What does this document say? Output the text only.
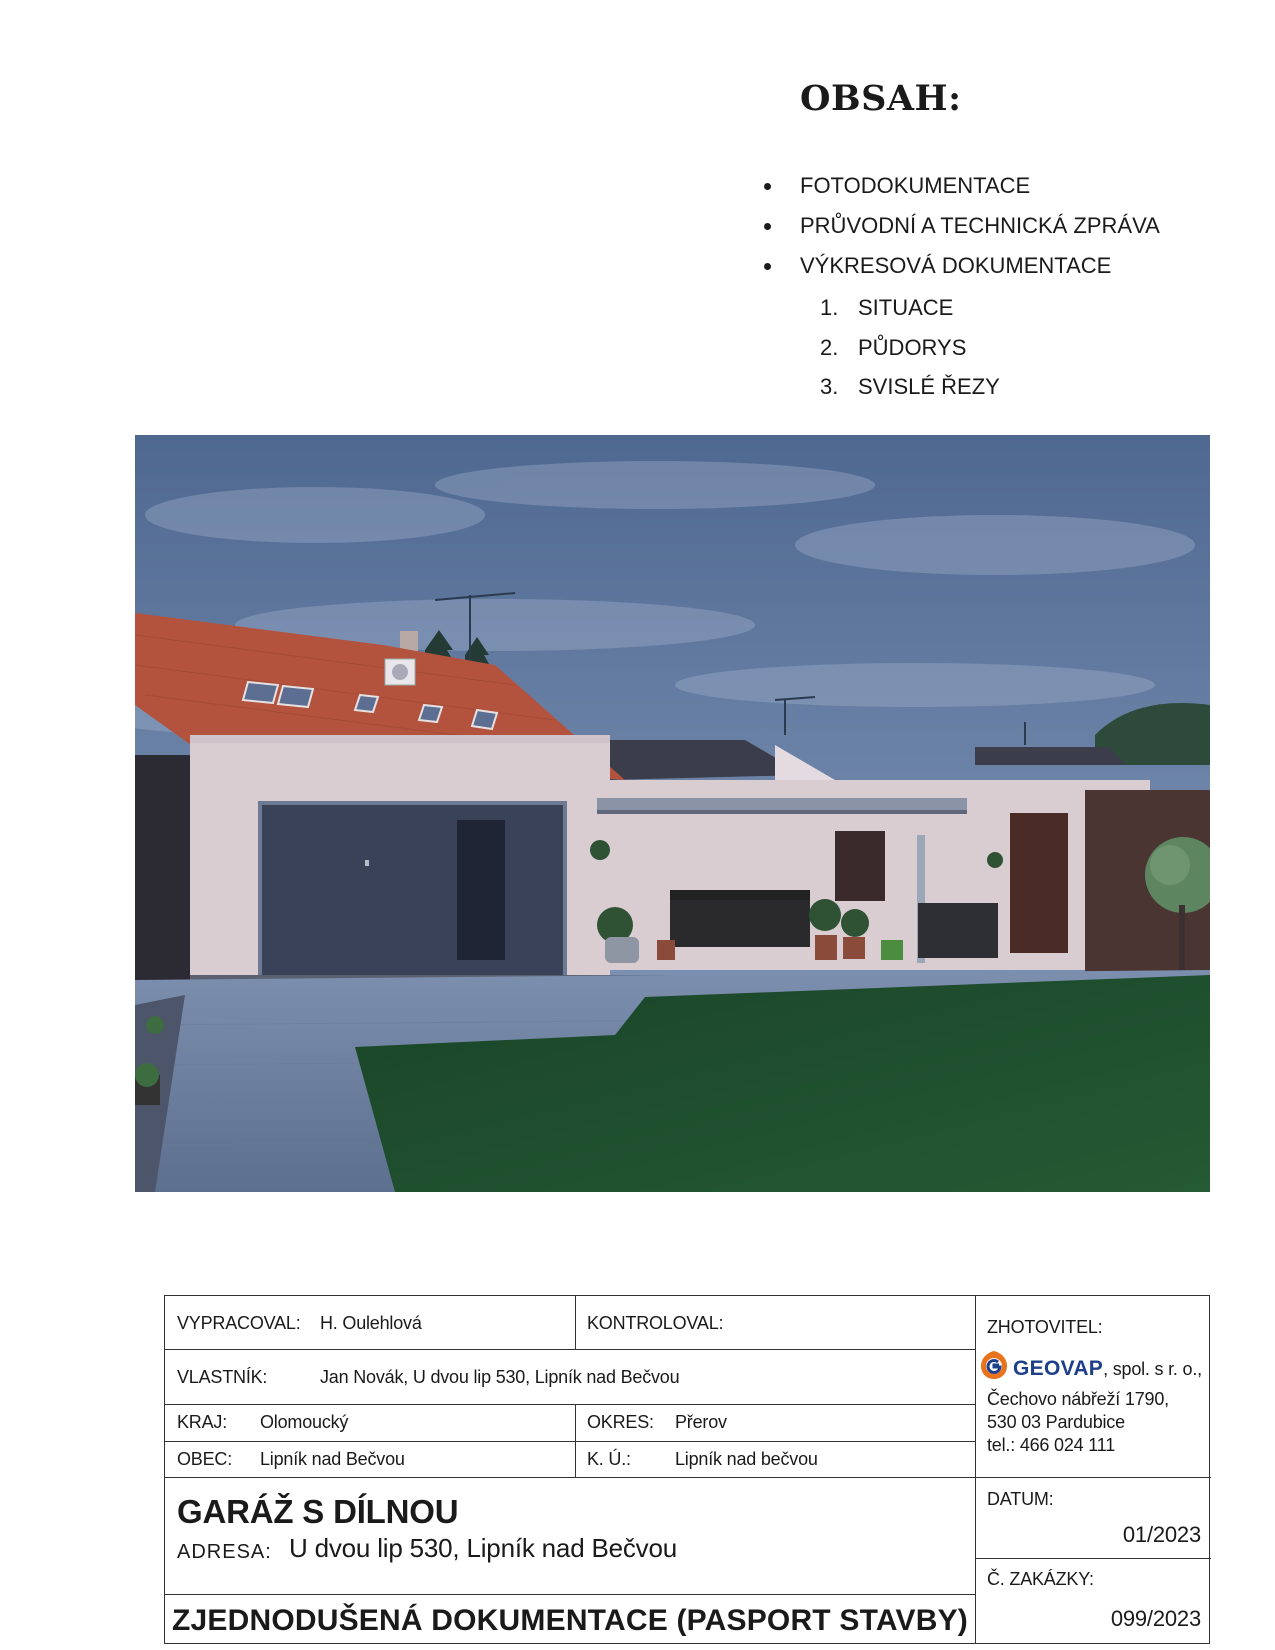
OBSAH:
FOTODOKUMENTACE
PRŮVODNÍ A TECHNICKÁ ZPRÁVA
VÝKRESOVÁ DOKUMENTACE
1. SITUACE
2. PŮDORYS
3. SVISLÉ ŘEZY
VYPRACOVAL: H. Oulehlová	KONTROLOVAL:
VLASTNÍK:	Jan Novák, U dvou lip 530, Lipník nad Bečvou
KRAJ: Olomoucký	OKRES: Přerov
OBEC: Lipník nad Bečvou	K. Ú.: Lipník nad bečvou
GARÁŽ S DÍLNOU
ADRESA: U dvou lip 530, Lipník nad Bečvou
ZJEDNODUŠENÁ DOKUMENTACE (PASPORT STAVBY)
ZHOTOVITEL:
GEOVAP, spol. s r. o.,
Čechovo nábřeží 1790,
530 03 Pardubice
tel.: 466 024 111
DATUM:
01/2023
Č. ZAKÁZKY:
099/2023
